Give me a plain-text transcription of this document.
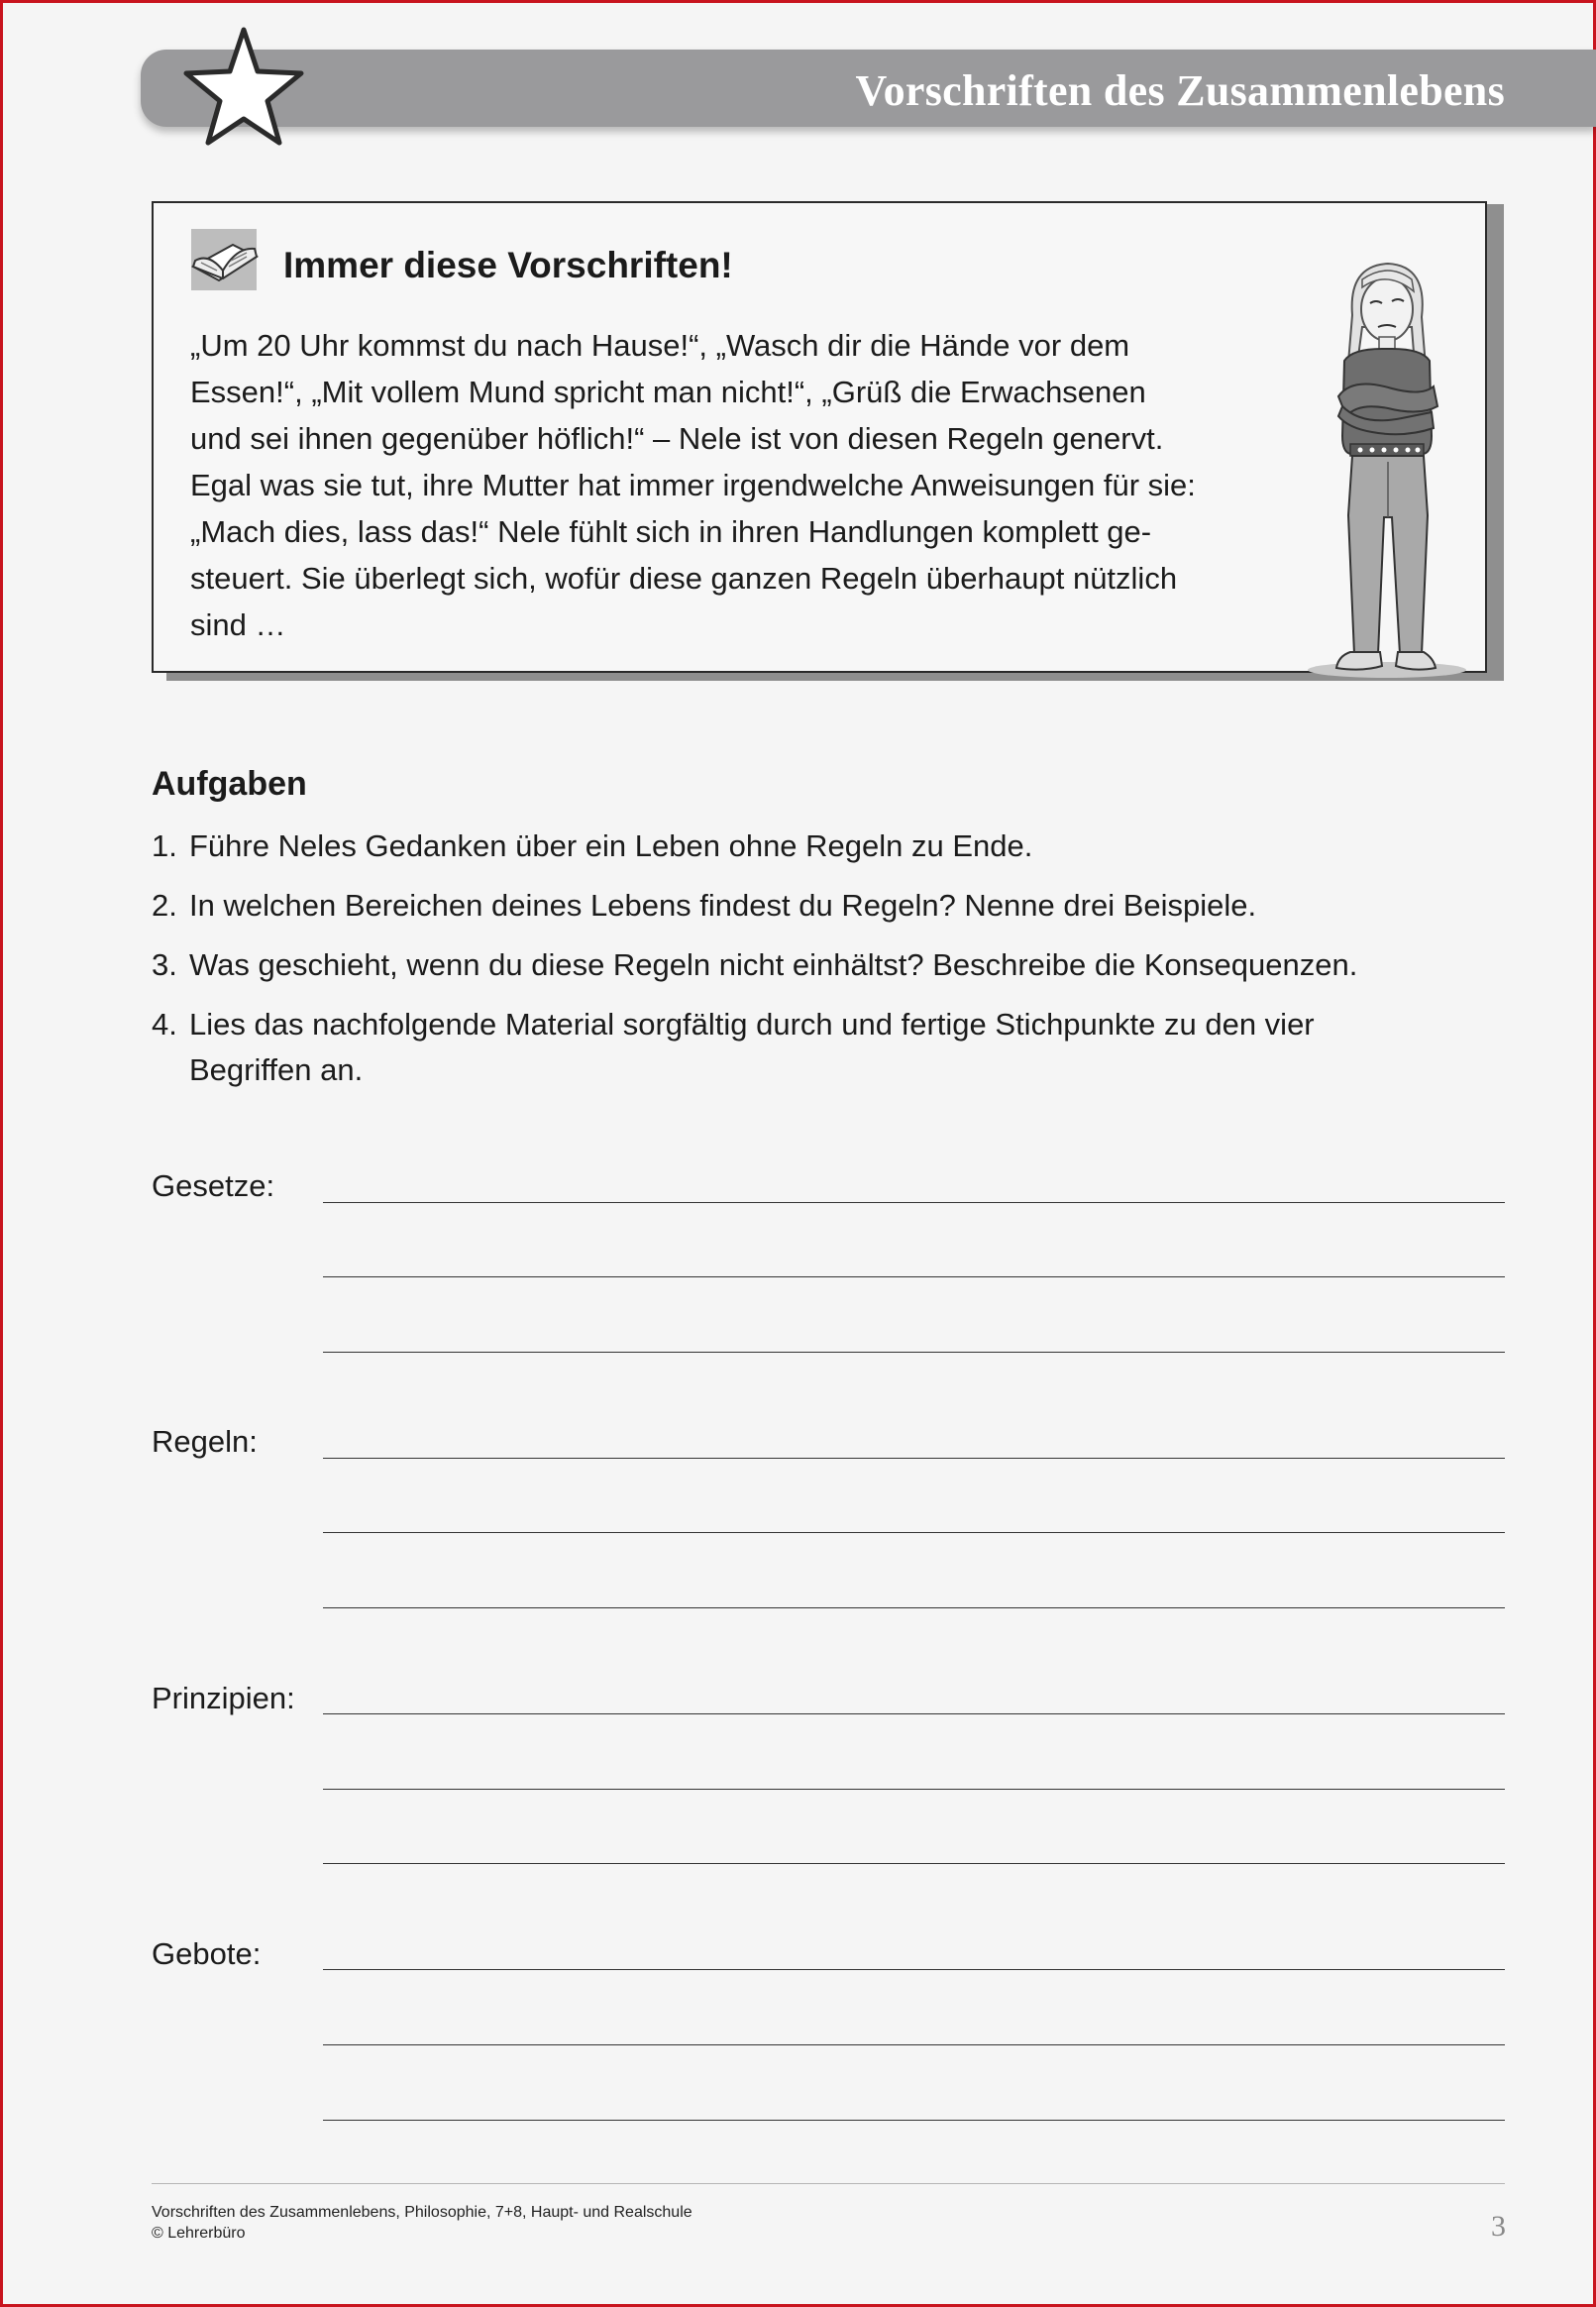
Vorschriften des Zusammenlebens
Immer diese Vorschriften!

„Um 20 Uhr kommst du nach Hause!“, „Wasch dir die Hände vor dem
Essen!“, „Mit vollem Mund spricht man nicht!“, „Grüß die Erwachsenen
und sei ihnen gegenüber höflich!“ – Nele ist von diesen Regeln genervt.
Egal was sie tut, ihre Mutter hat immer irgendwelche Anweisungen für sie:
„Mach dies, lass das!“ Nele fühlt sich in ihren Handlungen komplett ge-
steuert. Sie überlegt sich, wofür diese ganzen Regeln überhaupt nützlich
sind …

Aufgaben
1. Führe Neles Gedanken über ein Leben ohne Regeln zu Ende.
2. In welchen Bereichen deines Lebens findest du Regeln? Nenne drei Beispiele.
3. Was geschieht, wenn du diese Regeln nicht einhältst? Beschreibe die Konsequenzen.
4. Lies das nachfolgende Material sorgfältig durch und fertige Stichpunkte zu den vier
Begriffen an.
Gesetze:
Regeln:
Prinzipien:
Gebote:
Vorschriften des Zusammenlebens, Philosophie, 7+8, Haupt- und Realschule
© Lehrerbüro	3
